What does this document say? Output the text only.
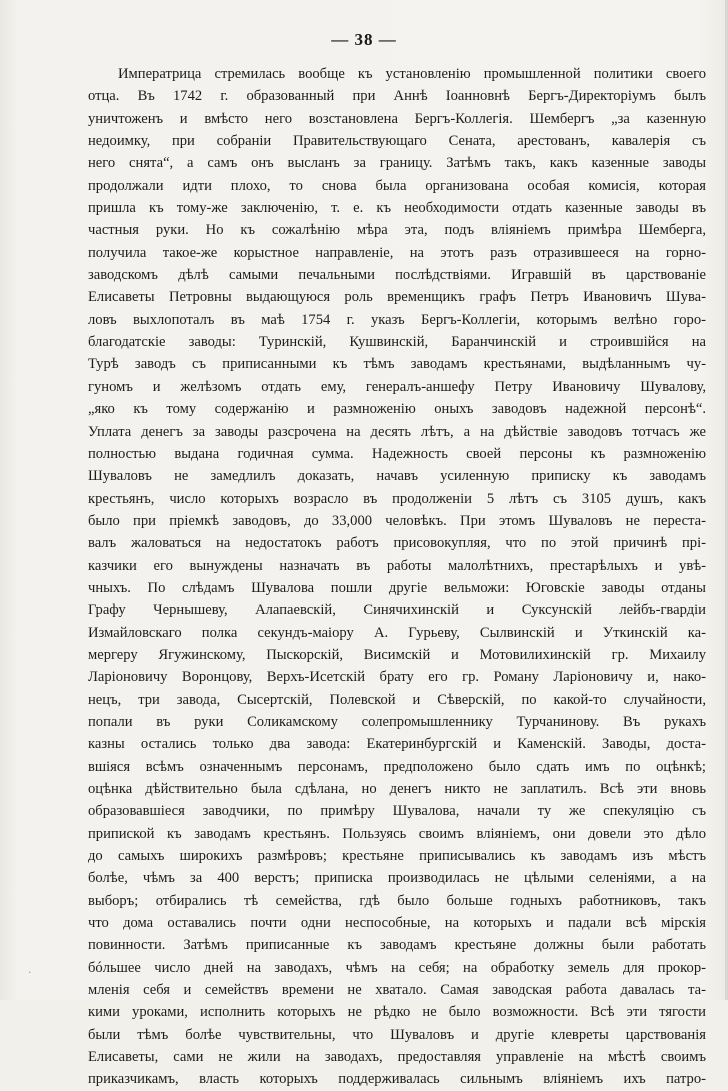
— 38 —
Императрица стремилась вообще къ установленію промышленной политики своего
отца. Въ 1742 г. образованный при Аннѣ Іоанновнѣ Бергъ-Директоріумъ былъ
уничтоженъ и вмѣсто него возстановлена Бергъ-Коллегія. Шембергъ „за казенную
недоимку, при собраніи Правительствующаго Сената, арестованъ, кавалерія съ
него снята“, а самъ онъ высланъ за границу. Затѣмъ такъ, какъ казенные заводы
продолжали идти плохо, то снова была организована особая комисія, которая
пришла къ тому-же заключенію, т. е. къ необходимости отдать казенные заводы въ
частныя руки. Но къ сожалѣнію мѣра эта, подъ вліяніемъ примѣра Шемберга,
получила такое-же корыстное направленіе, на этотъ разъ отразившееся на горно-
заводскомъ дѣлѣ самыми печальными послѣдствіями. Игравшій въ царствованіе
Елисаветы Петровны выдающуюся роль временщикъ графъ Петръ Ивановичъ Шува-
ловъ выхлопоталъ въ маѣ 1754 г. указъ Бергъ-Коллегіи, которымъ велѣно горо-
благодатскіе заводы: Туринскій, Кушвинскій, Баранчинскій и строившійся на
Турѣ заводъ съ приписанными къ тѣмъ заводамъ крестьянами, выдѣланнымъ чу-
гуномъ и желѣзомъ отдать ему, генералъ-аншефу Петру Ивановичу Шувалову,
„яко къ тому содержанію и размноженію оныхъ заводовъ надежной персонѣ“.
Уплата денегъ за заводы разсрочена на десять лѣтъ, а на дѣйствіе заводовъ тотчасъ же
полностью выдана годичная сумма. Надежность своей персоны къ размноженію
Шуваловъ не замедлилъ доказать, начавъ усиленную приписку къ заводамъ
крестьянъ, число которыхъ возрасло въ продолженіи 5 лѣтъ съ 3105 душъ, какъ
было при пріемкѣ заводовъ, до 33,000 человѣкъ. При этомъ Шуваловъ не переста-
валъ жаловаться на недостатокъ работъ присовокупляя, что по этой причинѣ прі-
казчики его вынуждены назначать въ работы малолѣтнихъ, престарѣлыхъ и увѣ-
чныхъ. По слѣдамъ Шувалова пошли другіе вельможи: Юговскіе заводы отданы
Графу Чернышеву, Алапаевскій, Синячихинскій и Суксунскій лейбъ-гвардіи
Измайловскаго полка секундъ-маіору А. Гурьеву, Сылвинскій и Уткинскій ка-
мергеру Ягужинскому, Пыскорскій, Висимскій и Мотовилихинскій гр. Михаилу
Ларіоновичу Воронцову, Верхъ-Исетскій брату его гр. Роману Ларіоновичу и, нако-
нецъ, три завода, Сысертскій, Полевской и Сѣверскій, по какой-то случайности,
попали въ руки Соликамскому солепромышленнику Турчанинову. Въ рукахъ
казны остались только два завода: Екатеринбургскій и Каменскій. Заводы, доста-
вшіяся всѣмъ означеннымъ персонамъ, предположено было сдать имъ по оцѣнкѣ;
оцѣнка дѣйствительно была сдѣлана, но денегъ никто не заплатилъ. Всѣ эти вновь
образовавшіеся заводчики, по примѣру Шувалова, начали ту же спекуляцію съ
припиской къ заводамъ крестьянъ. Пользуясь своимъ вліяніемъ, они довели это дѣло
до самыхъ широкихъ размѣровъ; крестьяне приписывались къ заводамъ изъ мѣстъ
болѣе, чѣмъ за 400 верстъ; приписка производилась не цѣлыми селеніями, а на
выборъ; отбирались тѣ семейства, гдѣ было больше годныхъ работниковъ, такъ
что дома оставались почти одни неспособные, на которыхъ и падали всѣ мірскія
повинности. Затѣмъ приписанные къ заводамъ крестьяне должны были работать
бóльшее число дней на заводахъ, чѣмъ на себя; на обработку земель для прокор-
мленія себя и семействъ времени не хватало. Самая заводская работа давалась та-
кими уроками, исполнить которыхъ не рѣдко не было возможности. Всѣ эти тягости
были тѣмъ болѣе чувствительны, что Шуваловъ и другіе клевреты царствованія
Елисаветы, сами не жили на заводахъ, предоставляя управленіе на мѣстѣ своимъ
приказчикамъ, власть которыхъ поддерживалась сильнымъ вліяніемъ ихъ патро-
·
